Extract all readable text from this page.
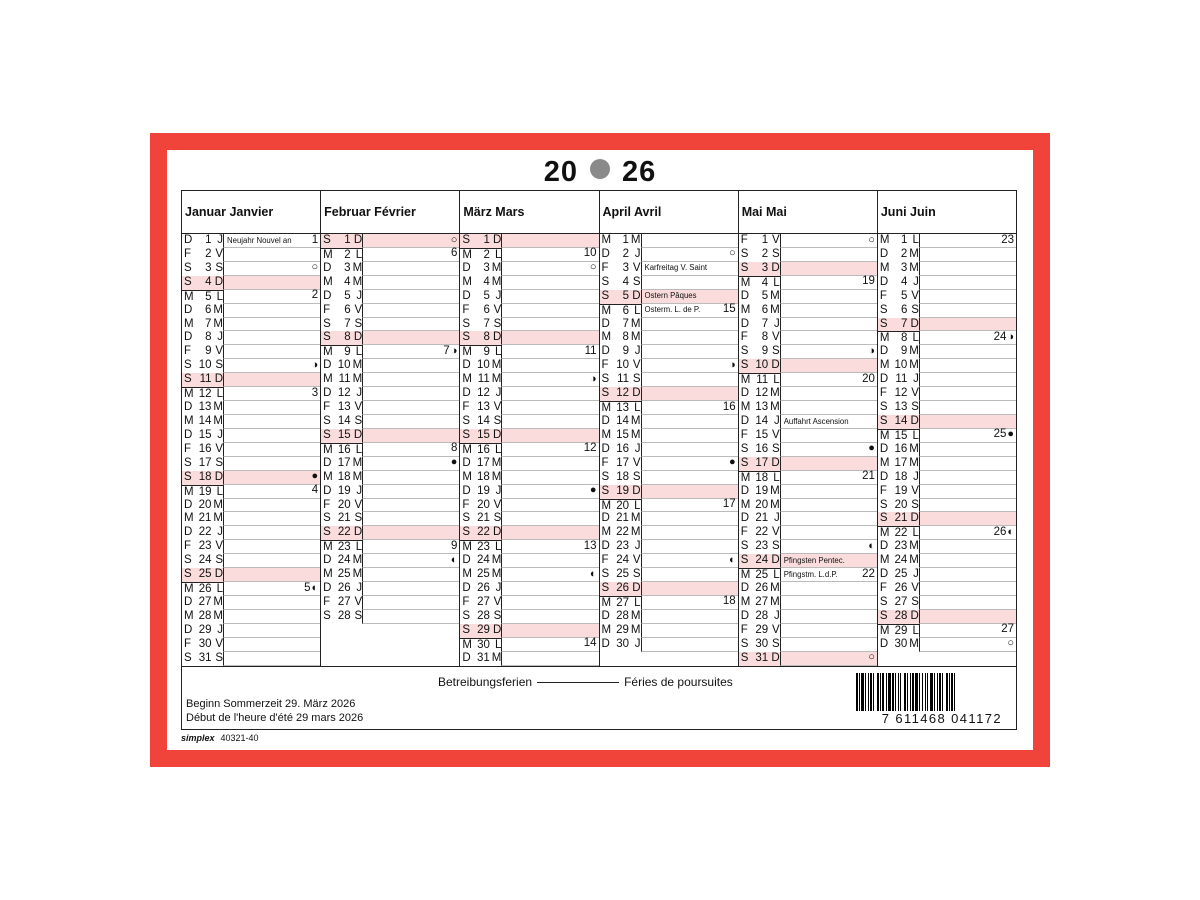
20 26
Januar Janvier
D	1 J Neujahr Nouvel an	1
F	2 V
S	3 S	○
S	4 D
M	5 L	2
D	6 M
M 7 M
D	8 J
F	9 V
S 10 S	◑
S 11 D
M 12 L	3
D 13 M
M 14 M
D 15 J
F 16 V
S 17 S
S 18 D	●
M 19 L	4
D 20 M
M 21 M
D 22 J
F 23 V
S 24 S
S 25 D
M 26 L	5 ◐
D 27 M
M 28 M
D 29 J
F 30 V
S 31 S
Februar Février
S	1 D	○
M	2 L	6
D	3 M
M 4 M
D	5 J
F	6 V
S	7 S
S	8 D
M	9 L	7 ◑
D 10 M
M 11 M
D 12 J
F 13 V
S 14 S
S 15 D
M 16 L	8
D 17 M	●
M 18 M
D 19 J
F 20 V
S 21 S
S 22 D
M 23 L	9
D 24 M	◐
M 25 M
D 26 J
F 27 V
S 28 S
März Mars
S	1 D
M	2 L	10
D	3 M	○
M 4 M
D	5 J
F	6 V
S	7 S
S	8 D
M	9 L	11
D 10 M
M 11 M	◑
D 12 J
F 13 V
S 14 S
S 15 D
M 16 L	12
D 17 M
M 18 M
D 19 J	●
F 20 V
S 21 S
S 22 D
M 23 L	13
D 24 M
M 25 M	◐
D 26 J
F 27 V
S 28 S
S 29 D
M 30 L	14
D 31 M
April Avril
M 1 M
D	2 J	○
F	3 V Karfreitag V. Saint
S	4 S
S	5 D Ostern Pâques
M	6 L Osterm. L. de P.	15
D	7 M
M 8 M
D	9 J
F 10 V	◑
S 11 S
S 12 D
M 13 L	16
D 14 M
M 15 M
D 16 J
F 17 V	●
S 18 S
S 19 D
M 20 L	17
D 21 M
M 22 M
D 23 J
F 24 V	◐
S 25 S
S 26 D
M 27 L	18
D 28 M
M 29 M
D 30 J
Mai Mai
F	1 V	○
S	2 S
S	3 D
M	4 L	19
D	5 M
M 6 M
D	7 J
F	8 V
S	9 S	◑
S 10 D
M 11 L	20
D 12 M
M 13 M
D 14 J Auffahrt Ascension
F 15 V
S 16 S	●
S 17 D
M 18 L	21
D 19 M
M 20 M
D 21 J
F 22 V
S 23 S	◐
S 24 D Pfingsten Pentec.
M 25 L Pfingstm. L.d.P.	22
D 26 M
M 27 M
D 28 J
F 29 V
S 30 S
S 31 D	○
Juni Juin
M	1 L	23
D	2 M
M 3 M
D	4 J
F	5 V
S	6 S
S	7 D
M	8 L	24 ◑
D	9 M
M 10 M
D 11 J
F 12 V
S 13 S
S 14 D
M 15 L	25 ●
D 16 M
M 17 M
D 18 J
F 19 V
S 20 S
S 21 D
M 22 L	26 ◐
D 23 M
M 24 M
D 25 J
F 26 V
S 27 S
S 28 D
M 29 L	27
D 30 M	○
Betreibungsferien	Féries de poursuites
Beginn Sommerzeit 29. März 2026
Début de l'heure d'été 29 mars 2026	7 611468 041172
simplex 40321-40
